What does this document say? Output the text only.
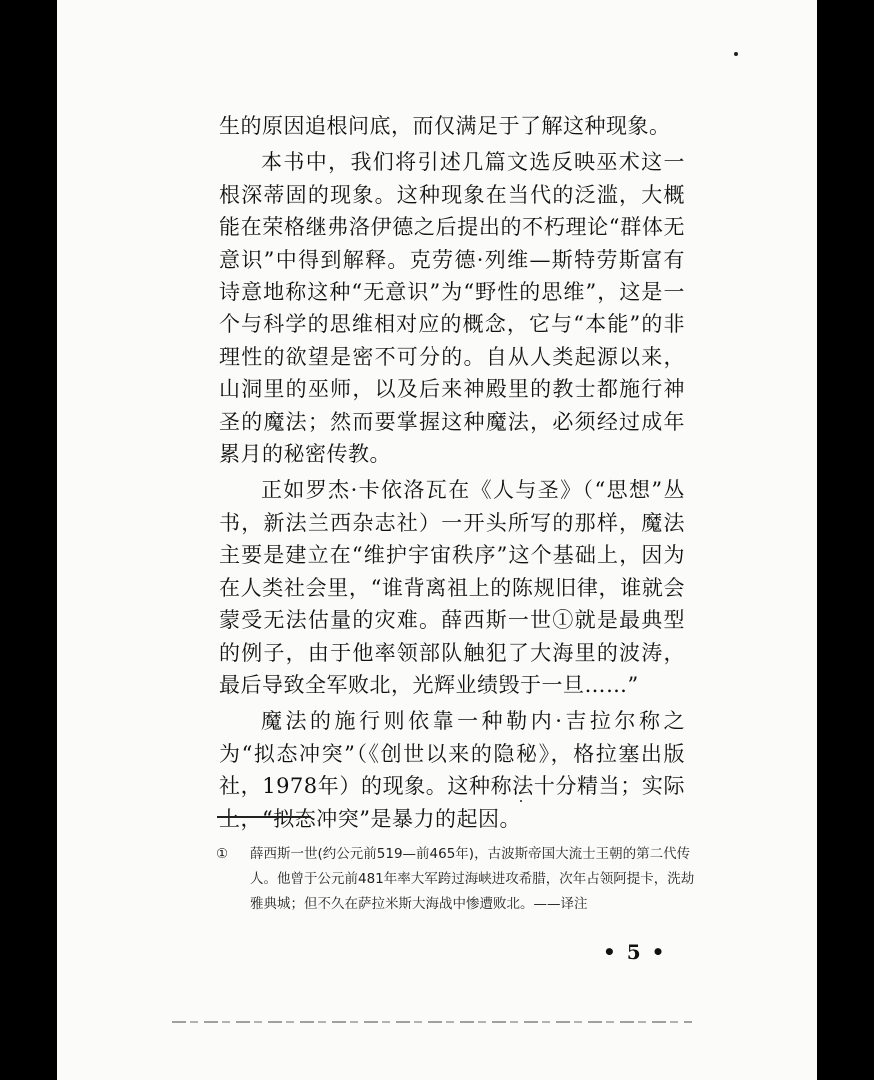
生的原因追根问底，而仅满足于了解这种现象。

本书中，我们将引述几篇文选反映巫术这一根深蒂固的现象。这种现象在当代的泛滥，大概能在荣格继弗洛伊德之后提出的不朽理论“群体无意识”中得到解释。克劳德·列维—斯特劳斯富有诗意地称这种“无意识”为“野性的思维”，这是一个与科学的思维相对应的概念，它与“本能”的非理性的欲望是密不可分的。自从人类起源以来，山洞里的巫师，以及后来神殿里的教士都施行神圣的魔法；然而要掌握这种魔法，必须经过成年累月的秘密传教。

正如罗杰·卡依洛瓦在《人与圣》（“思想”丛书，新法兰西杂志社）一开头所写的那样，魔法主要是建立在“维护宇宙秩序”这个基础上，因为在人类社会里，“谁背离祖上的陈规旧律，谁就会蒙受无法估量的灾难。薛西斯一世①就是最典型的例子，由于他率领部队触犯了大海里的波涛，最后导致全军败北，光辉业绩毁于一旦……”

魔法的施行则依靠一种勒内·吉拉尔称之为“拟态冲突”（《创世以来的隐秘》，格拉塞出版社，1978年）的现象。这种称法十分精当；实际上，“拟态冲突”是暴力的起因。

① 薛西斯一世(约公元前519—前465年)，古波斯帝国大流士王朝的第二代传人。他曾于公元前481年率大军跨过海峡进攻希腊，次年占领阿提卡，洗劫雅典城；但不久在萨拉米斯大海战中惨遭败北。——译注
• 5 •
